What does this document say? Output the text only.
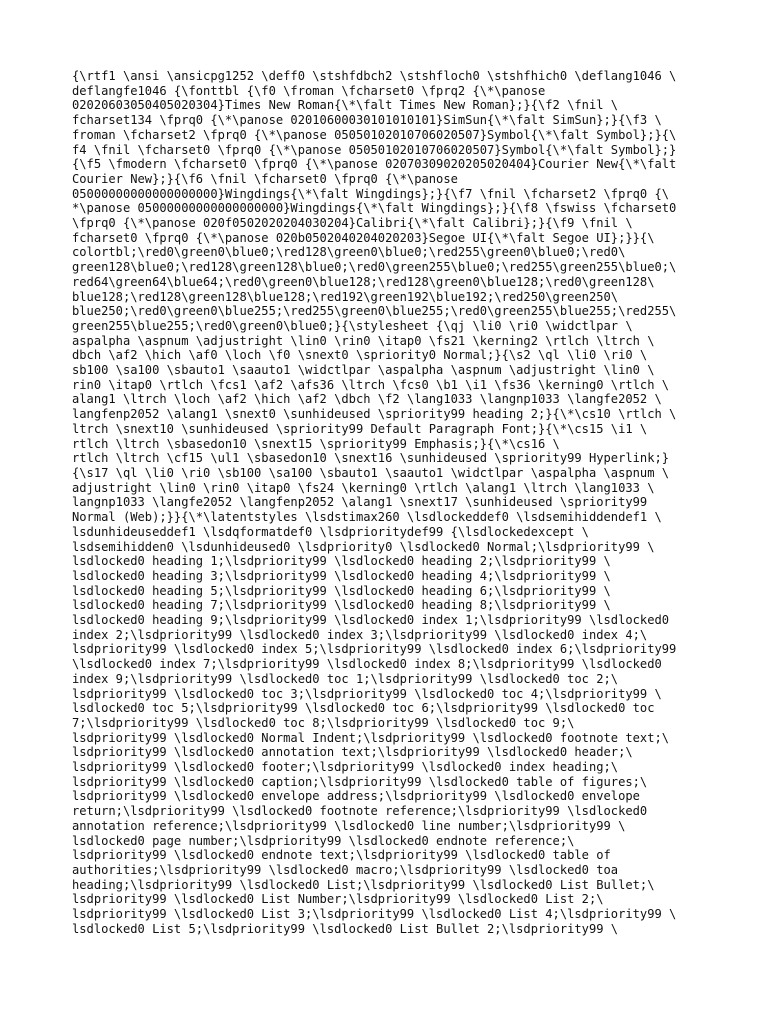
{\rtf1 \ansi \ansicpg1252 \deff0 \stshfdbch2 \stshfloch0 \stshfhich0 \deflang1046 \
deflangfe1046 {\fonttbl {\f0 \froman \fcharset0 \fprq2 {\*\panose
02020603050405020304}Times New Roman{\*\falt Times New Roman};}{\f2 \fnil \
fcharset134 \fprq0 {\*\panose 02010600030101010101}SimSun{\*\falt SimSun};}{\f3 \
froman \fcharset2 \fprq0 {\*\panose 05050102010706020507}Symbol{\*\falt Symbol};}{\
f4 \fnil \fcharset0 \fprq0 {\*\panose 05050102010706020507}Symbol{\*\falt Symbol};}
{\f5 \fmodern \fcharset0 \fprq0 {\*\panose 02070309020205020404}Courier New{\*\falt
Courier New};}{\f6 \fnil \fcharset0 \fprq0 {\*\panose
05000000000000000000}Wingdings{\*\falt Wingdings};}{\f7 \fnil \fcharset2 \fprq0 {\
*\panose 05000000000000000000}Wingdings{\*\falt Wingdings};}{\f8 \fswiss \fcharset0
\fprq0 {\*\panose 020f0502020204030204}Calibri{\*\falt Calibri};}{\f9 \fnil \
fcharset0 \fprq0 {\*\panose 020b0502040204020203}Segoe UI{\*\falt Segoe UI};}}{\
colortbl;\red0\green0\blue0;\red128\green0\blue0;\red255\green0\blue0;\red0\
green128\blue0;\red128\green128\blue0;\red0\green255\blue0;\red255\green255\blue0;\
red64\green64\blue64;\red0\green0\blue128;\red128\green0\blue128;\red0\green128\
blue128;\red128\green128\blue128;\red192\green192\blue192;\red250\green250\
blue250;\red0\green0\blue255;\red255\green0\blue255;\red0\green255\blue255;\red255\
green255\blue255;\red0\green0\blue0;}{\stylesheet {\qj \li0 \ri0 \widctlpar \
aspalpha \aspnum \adjustright \lin0 \rin0 \itap0 \fs21 \kerning2 \rtlch \ltrch \
dbch \af2 \hich \af0 \loch \f0 \snext0 \spriority0 Normal;}{\s2 \ql \li0 \ri0 \
sb100 \sa100 \sbauto1 \saauto1 \widctlpar \aspalpha \aspnum \adjustright \lin0 \
rin0 \itap0 \rtlch \fcs1 \af2 \afs36 \ltrch \fcs0 \b1 \i1 \fs36 \kerning0 \rtlch \
alang1 \ltrch \loch \af2 \hich \af2 \dbch \f2 \lang1033 \langnp1033 \langfe2052 \
langfenp2052 \alang1 \snext0 \sunhideused \spriority99 heading 2;}{\*\cs10 \rtlch \
ltrch \snext10 \sunhideused \spriority99 Default Paragraph Font;}{\*\cs15 \i1 \
rtlch \ltrch \sbasedon10 \snext15 \spriority99 Emphasis;}{\*\cs16 \
rtlch \ltrch \cf15 \ul1 \sbasedon10 \snext16 \sunhideused \spriority99 Hyperlink;}
{\s17 \ql \li0 \ri0 \sb100 \sa100 \sbauto1 \saauto1 \widctlpar \aspalpha \aspnum \
adjustright \lin0 \rin0 \itap0 \fs24 \kerning0 \rtlch \alang1 \ltrch \lang1033 \
langnp1033 \langfe2052 \langfenp2052 \alang1 \snext17 \sunhideused \spriority99
Normal (Web);}}{\*\latentstyles \lsdstimax260 \lsdlockeddef0 \lsdsemihiddendef1 \
lsdunhideuseddef1 \lsdqformatdef0 \lsdprioritydef99 {\lsdlockedexcept \
lsdsemihidden0 \lsdunhideused0 \lsdpriority0 \lsdlocked0 Normal;\lsdpriority99 \
lsdlocked0 heading 1;\lsdpriority99 \lsdlocked0 heading 2;\lsdpriority99 \
lsdlocked0 heading 3;\lsdpriority99 \lsdlocked0 heading 4;\lsdpriority99 \
lsdlocked0 heading 5;\lsdpriority99 \lsdlocked0 heading 6;\lsdpriority99 \
lsdlocked0 heading 7;\lsdpriority99 \lsdlocked0 heading 8;\lsdpriority99 \
lsdlocked0 heading 9;\lsdpriority99 \lsdlocked0 index 1;\lsdpriority99 \lsdlocked0
index 2;\lsdpriority99 \lsdlocked0 index 3;\lsdpriority99 \lsdlocked0 index 4;\
lsdpriority99 \lsdlocked0 index 5;\lsdpriority99 \lsdlocked0 index 6;\lsdpriority99
\lsdlocked0 index 7;\lsdpriority99 \lsdlocked0 index 8;\lsdpriority99 \lsdlocked0
index 9;\lsdpriority99 \lsdlocked0 toc 1;\lsdpriority99 \lsdlocked0 toc 2;\
lsdpriority99 \lsdlocked0 toc 3;\lsdpriority99 \lsdlocked0 toc 4;\lsdpriority99 \
lsdlocked0 toc 5;\lsdpriority99 \lsdlocked0 toc 6;\lsdpriority99 \lsdlocked0 toc
7;\lsdpriority99 \lsdlocked0 toc 8;\lsdpriority99 \lsdlocked0 toc 9;\
lsdpriority99 \lsdlocked0 Normal Indent;\lsdpriority99 \lsdlocked0 footnote text;\
lsdpriority99 \lsdlocked0 annotation text;\lsdpriority99 \lsdlocked0 header;\
lsdpriority99 \lsdlocked0 footer;\lsdpriority99 \lsdlocked0 index heading;\
lsdpriority99 \lsdlocked0 caption;\lsdpriority99 \lsdlocked0 table of figures;\
lsdpriority99 \lsdlocked0 envelope address;\lsdpriority99 \lsdlocked0 envelope
return;\lsdpriority99 \lsdlocked0 footnote reference;\lsdpriority99 \lsdlocked0
annotation reference;\lsdpriority99 \lsdlocked0 line number;\lsdpriority99 \
lsdlocked0 page number;\lsdpriority99 \lsdlocked0 endnote reference;\
lsdpriority99 \lsdlocked0 endnote text;\lsdpriority99 \lsdlocked0 table of
authorities;\lsdpriority99 \lsdlocked0 macro;\lsdpriority99 \lsdlocked0 toa
heading;\lsdpriority99 \lsdlocked0 List;\lsdpriority99 \lsdlocked0 List Bullet;\
lsdpriority99 \lsdlocked0 List Number;\lsdpriority99 \lsdlocked0 List 2;\
lsdpriority99 \lsdlocked0 List 3;\lsdpriority99 \lsdlocked0 List 4;\lsdpriority99 \
lsdlocked0 List 5;\lsdpriority99 \lsdlocked0 List Bullet 2;\lsdpriority99 \
